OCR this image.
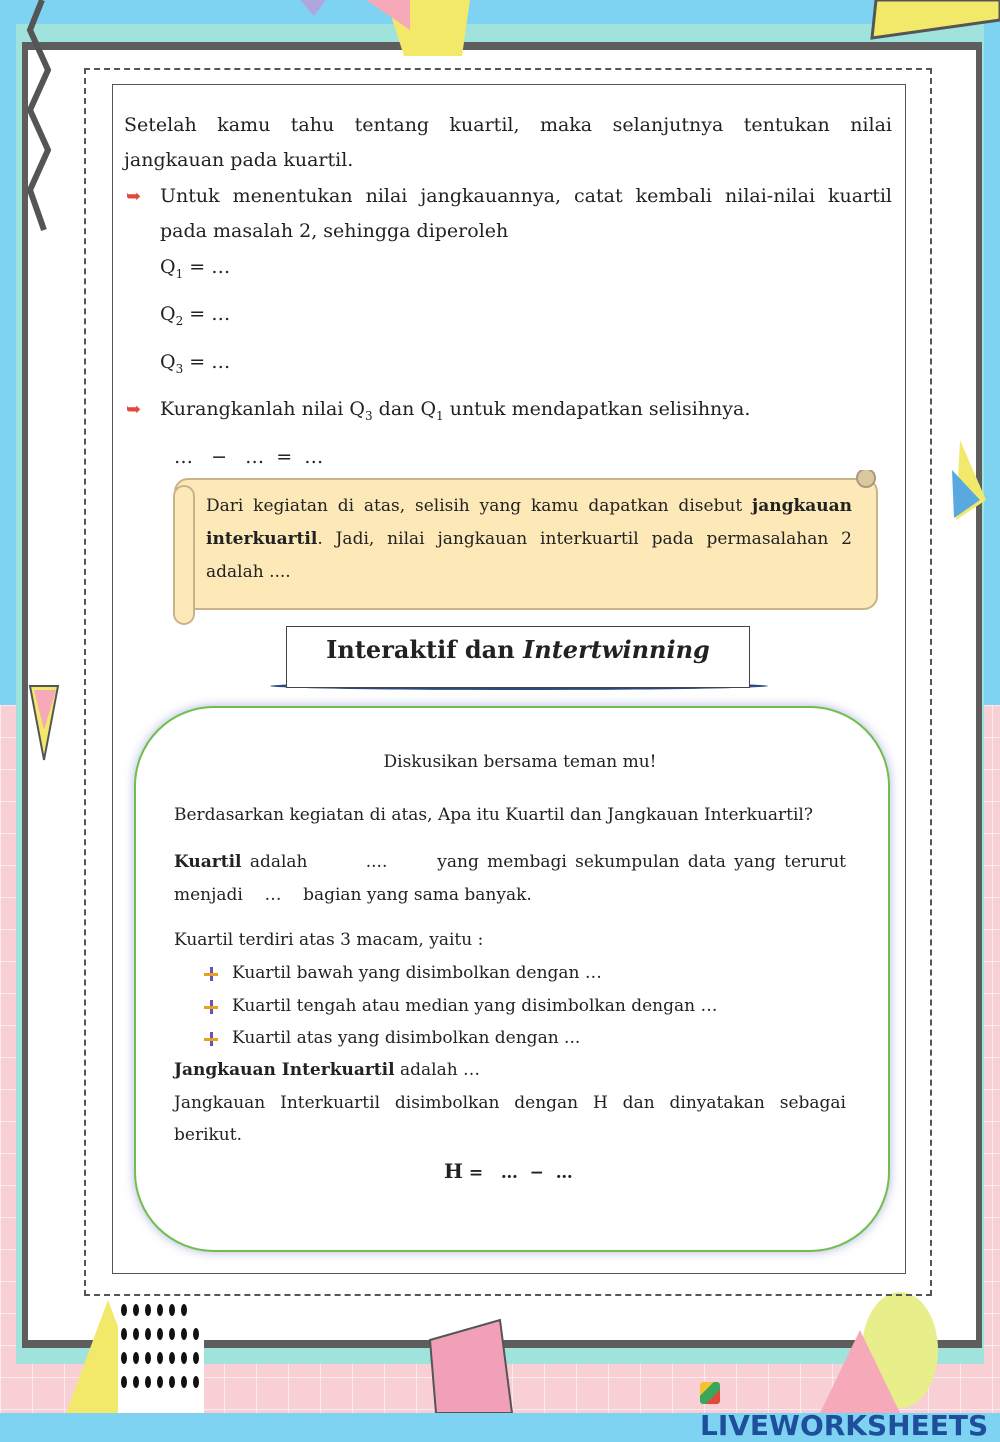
Setelah kamu tahu tentang kuartil, maka selanjutnya tentukan nilai
jangkauan pada kuartil.
➥ Untuk menentukan nilai jangkauannya, catat kembali nilai-nilai kuartil
pada masalah 2, sehingga diperoleh
$Q_1$ = …
$Q_2$ = …
$Q_3$ = …
➥ Kurangkanlah nilai $Q_3$ dan $Q_1$ untuk mendapatkan selisihnya.
…   −   …  =  …
Dari kegiatan di atas, selisih yang kamu dapatkan disebut jangkauan
interkuartil. Jadi, nilai jangkauan interkuartil pada permasalahan 2
adalah ....
Interaktif dan Intertwinning
Diskusikan bersama teman mu!
Berdasarkan kegiatan di atas, Apa itu Kuartil dan Jangkauan Interkuartil?
Kuartil adalah       ....      yang membagi sekumpulan data yang terurut
menjadi    …    bagian yang sama banyak.
Kuartil terdiri atas 3 macam, yaitu :
Kuartil bawah yang disimbolkan dengan …
Kuartil tengah atau median yang disimbolkan dengan …
Kuartil atas yang disimbolkan dengan ...
Jangkauan Interkuartil adalah …
Jangkauan Interkuartil disimbolkan dengan H dan dinyatakan sebagai
berikut.
H =   …  −  …
LIVEWORKSHEETS
